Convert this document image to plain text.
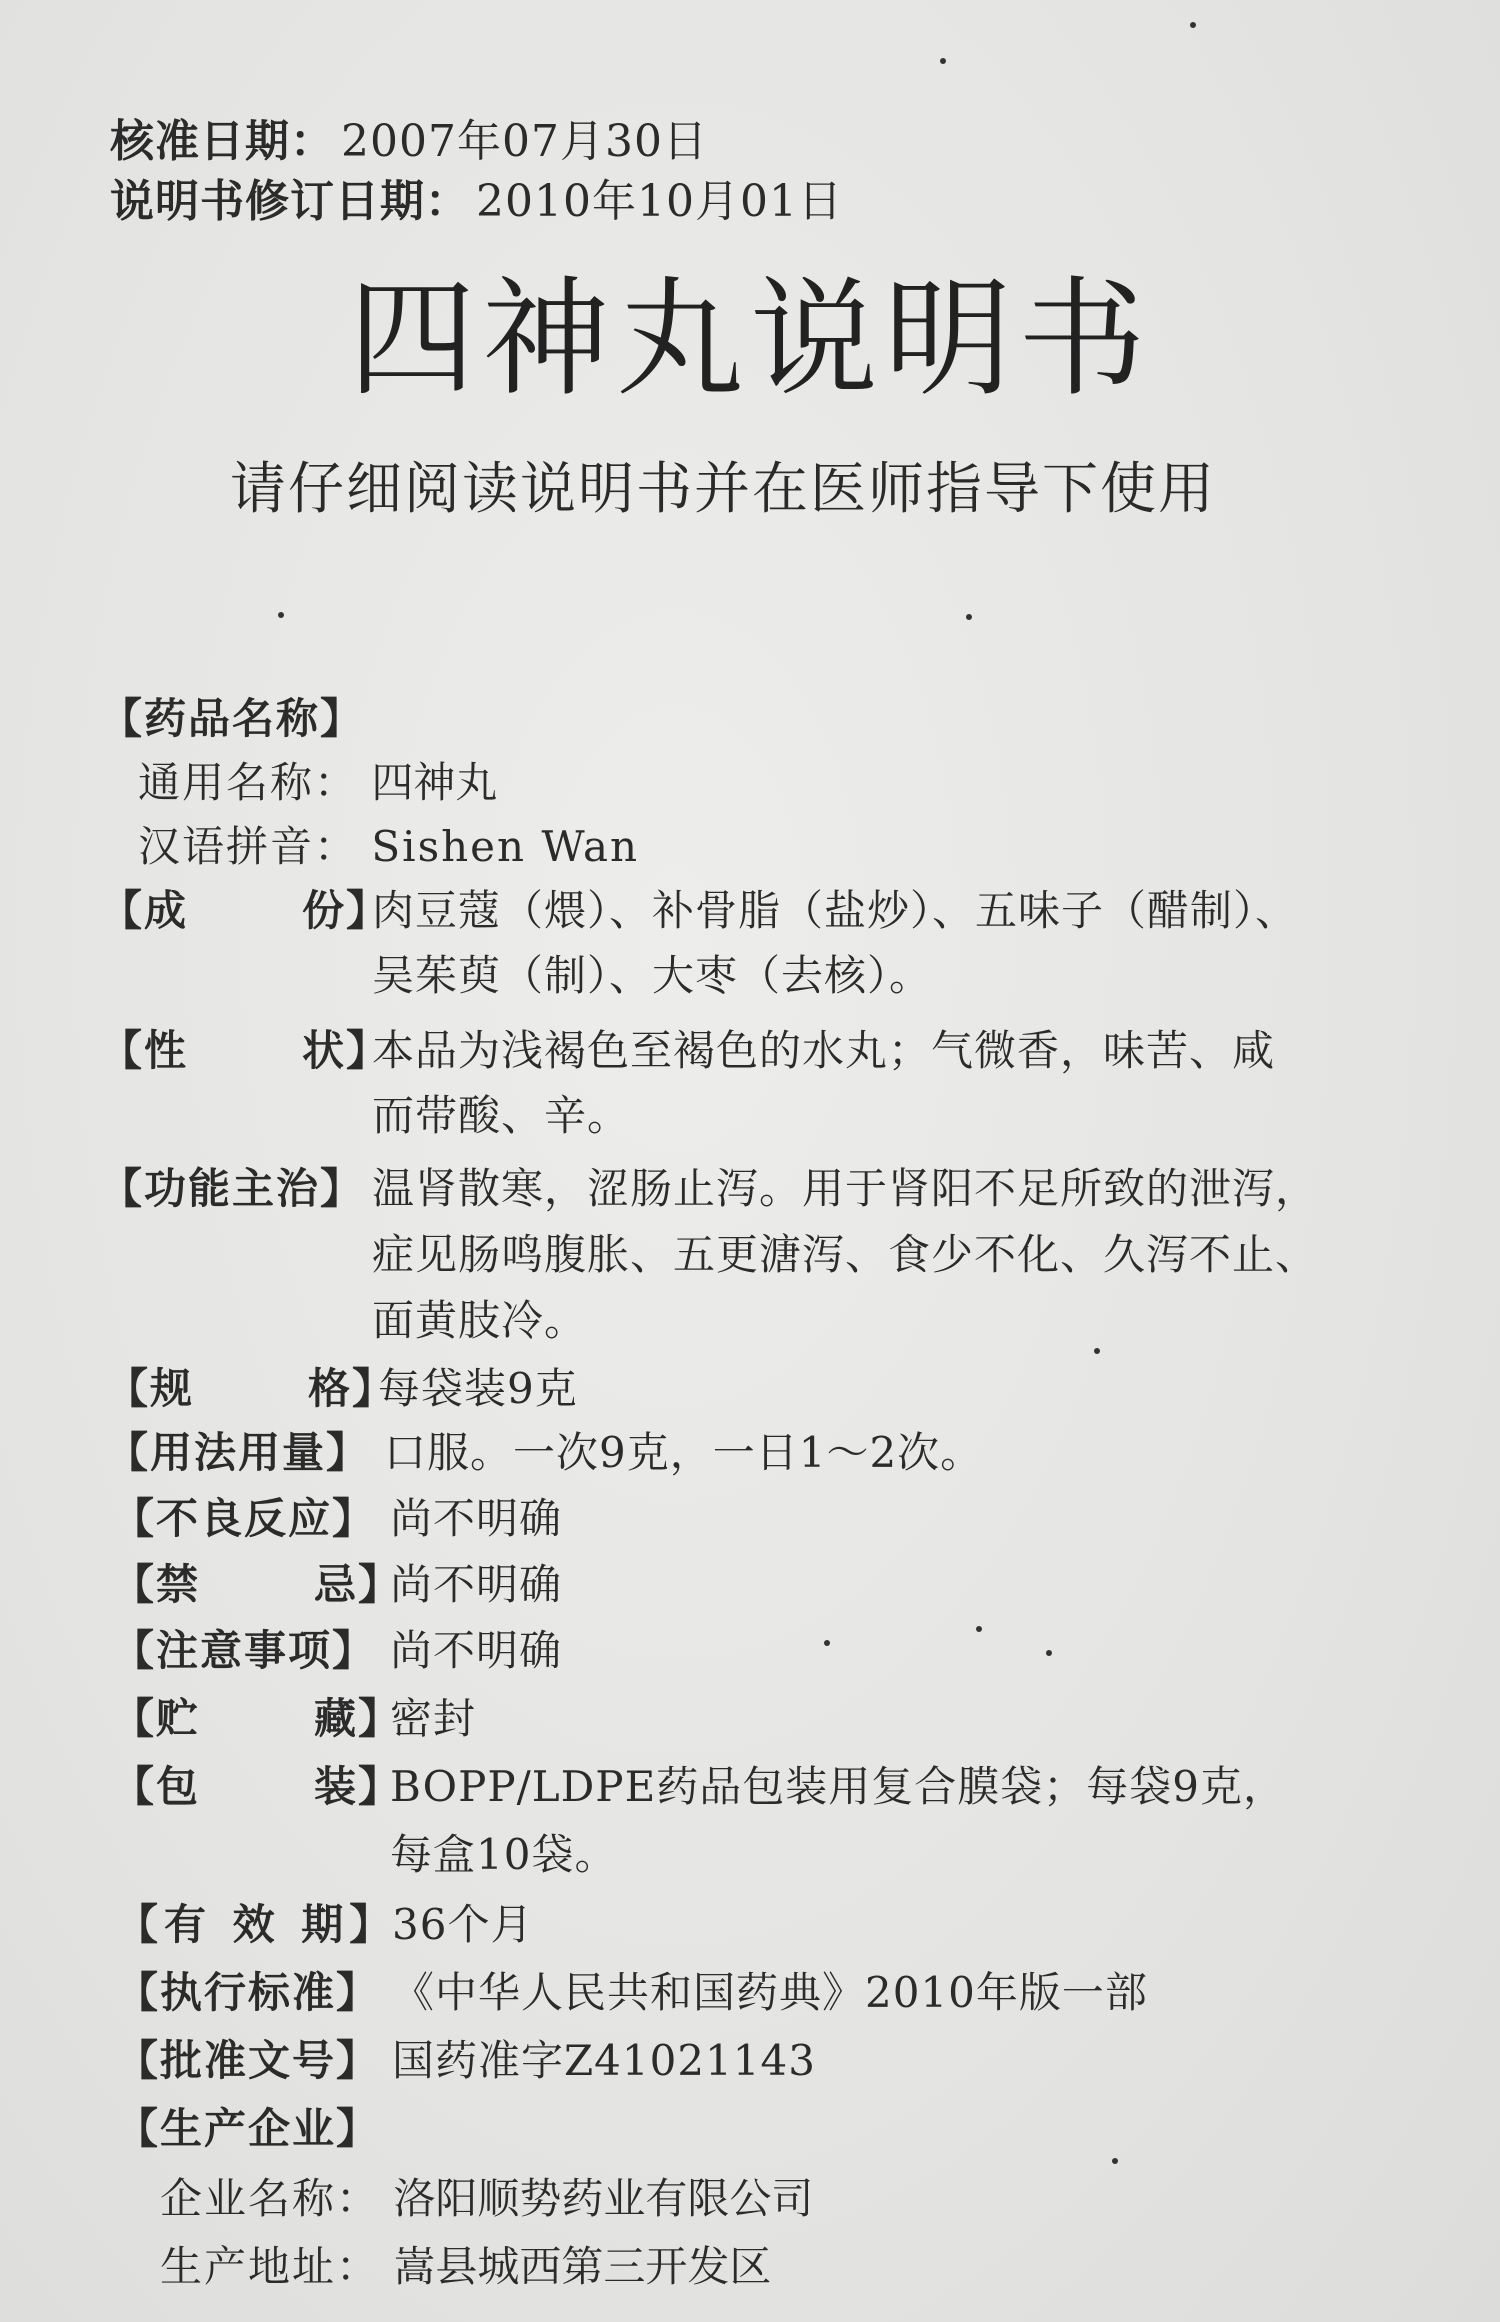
核准日期： 2007年07月30日
说明书修订日期： 2010年10月01日
四神丸说明书
请仔细阅读说明书并在医师指导下使用
【药品名称】
通用名称： 四神丸
汉语拼音： Sishen Wan
【成	份】
肉豆蔻（煨）、补骨脂（盐炒）、五味子（醋制）、
吴茱萸（制）、大枣（去核）。
【性	状】
本品为浅褐色至褐色的水丸；气微香，味苦、咸
而带酸、辛。
【功能主治】 温肾散寒，涩肠止泻。用于肾阳不足所致的泄泻，
症见肠鸣腹胀、五更溏泻、食少不化、久泻不止、
面黄肢冷。
【规	格】
每袋装9克
【用法用量】 口服。一次9克，一日1～2次。
【不良反应】 尚不明确
【禁	忌】
尚不明确
【注意事项】 尚不明确
【贮	藏】
密封
【包	装】
BOPP/LDPE药品包装用复合膜袋；每袋9克，
每盒10袋。
【有 效 期】
36个月
【执行标准】 《中华人民共和国药典》2010年版一部
【批准文号】 国药准字Z41021143
【生产企业】
企业名称： 洛阳顺势药业有限公司
生产地址： 嵩县城西第三开发区
